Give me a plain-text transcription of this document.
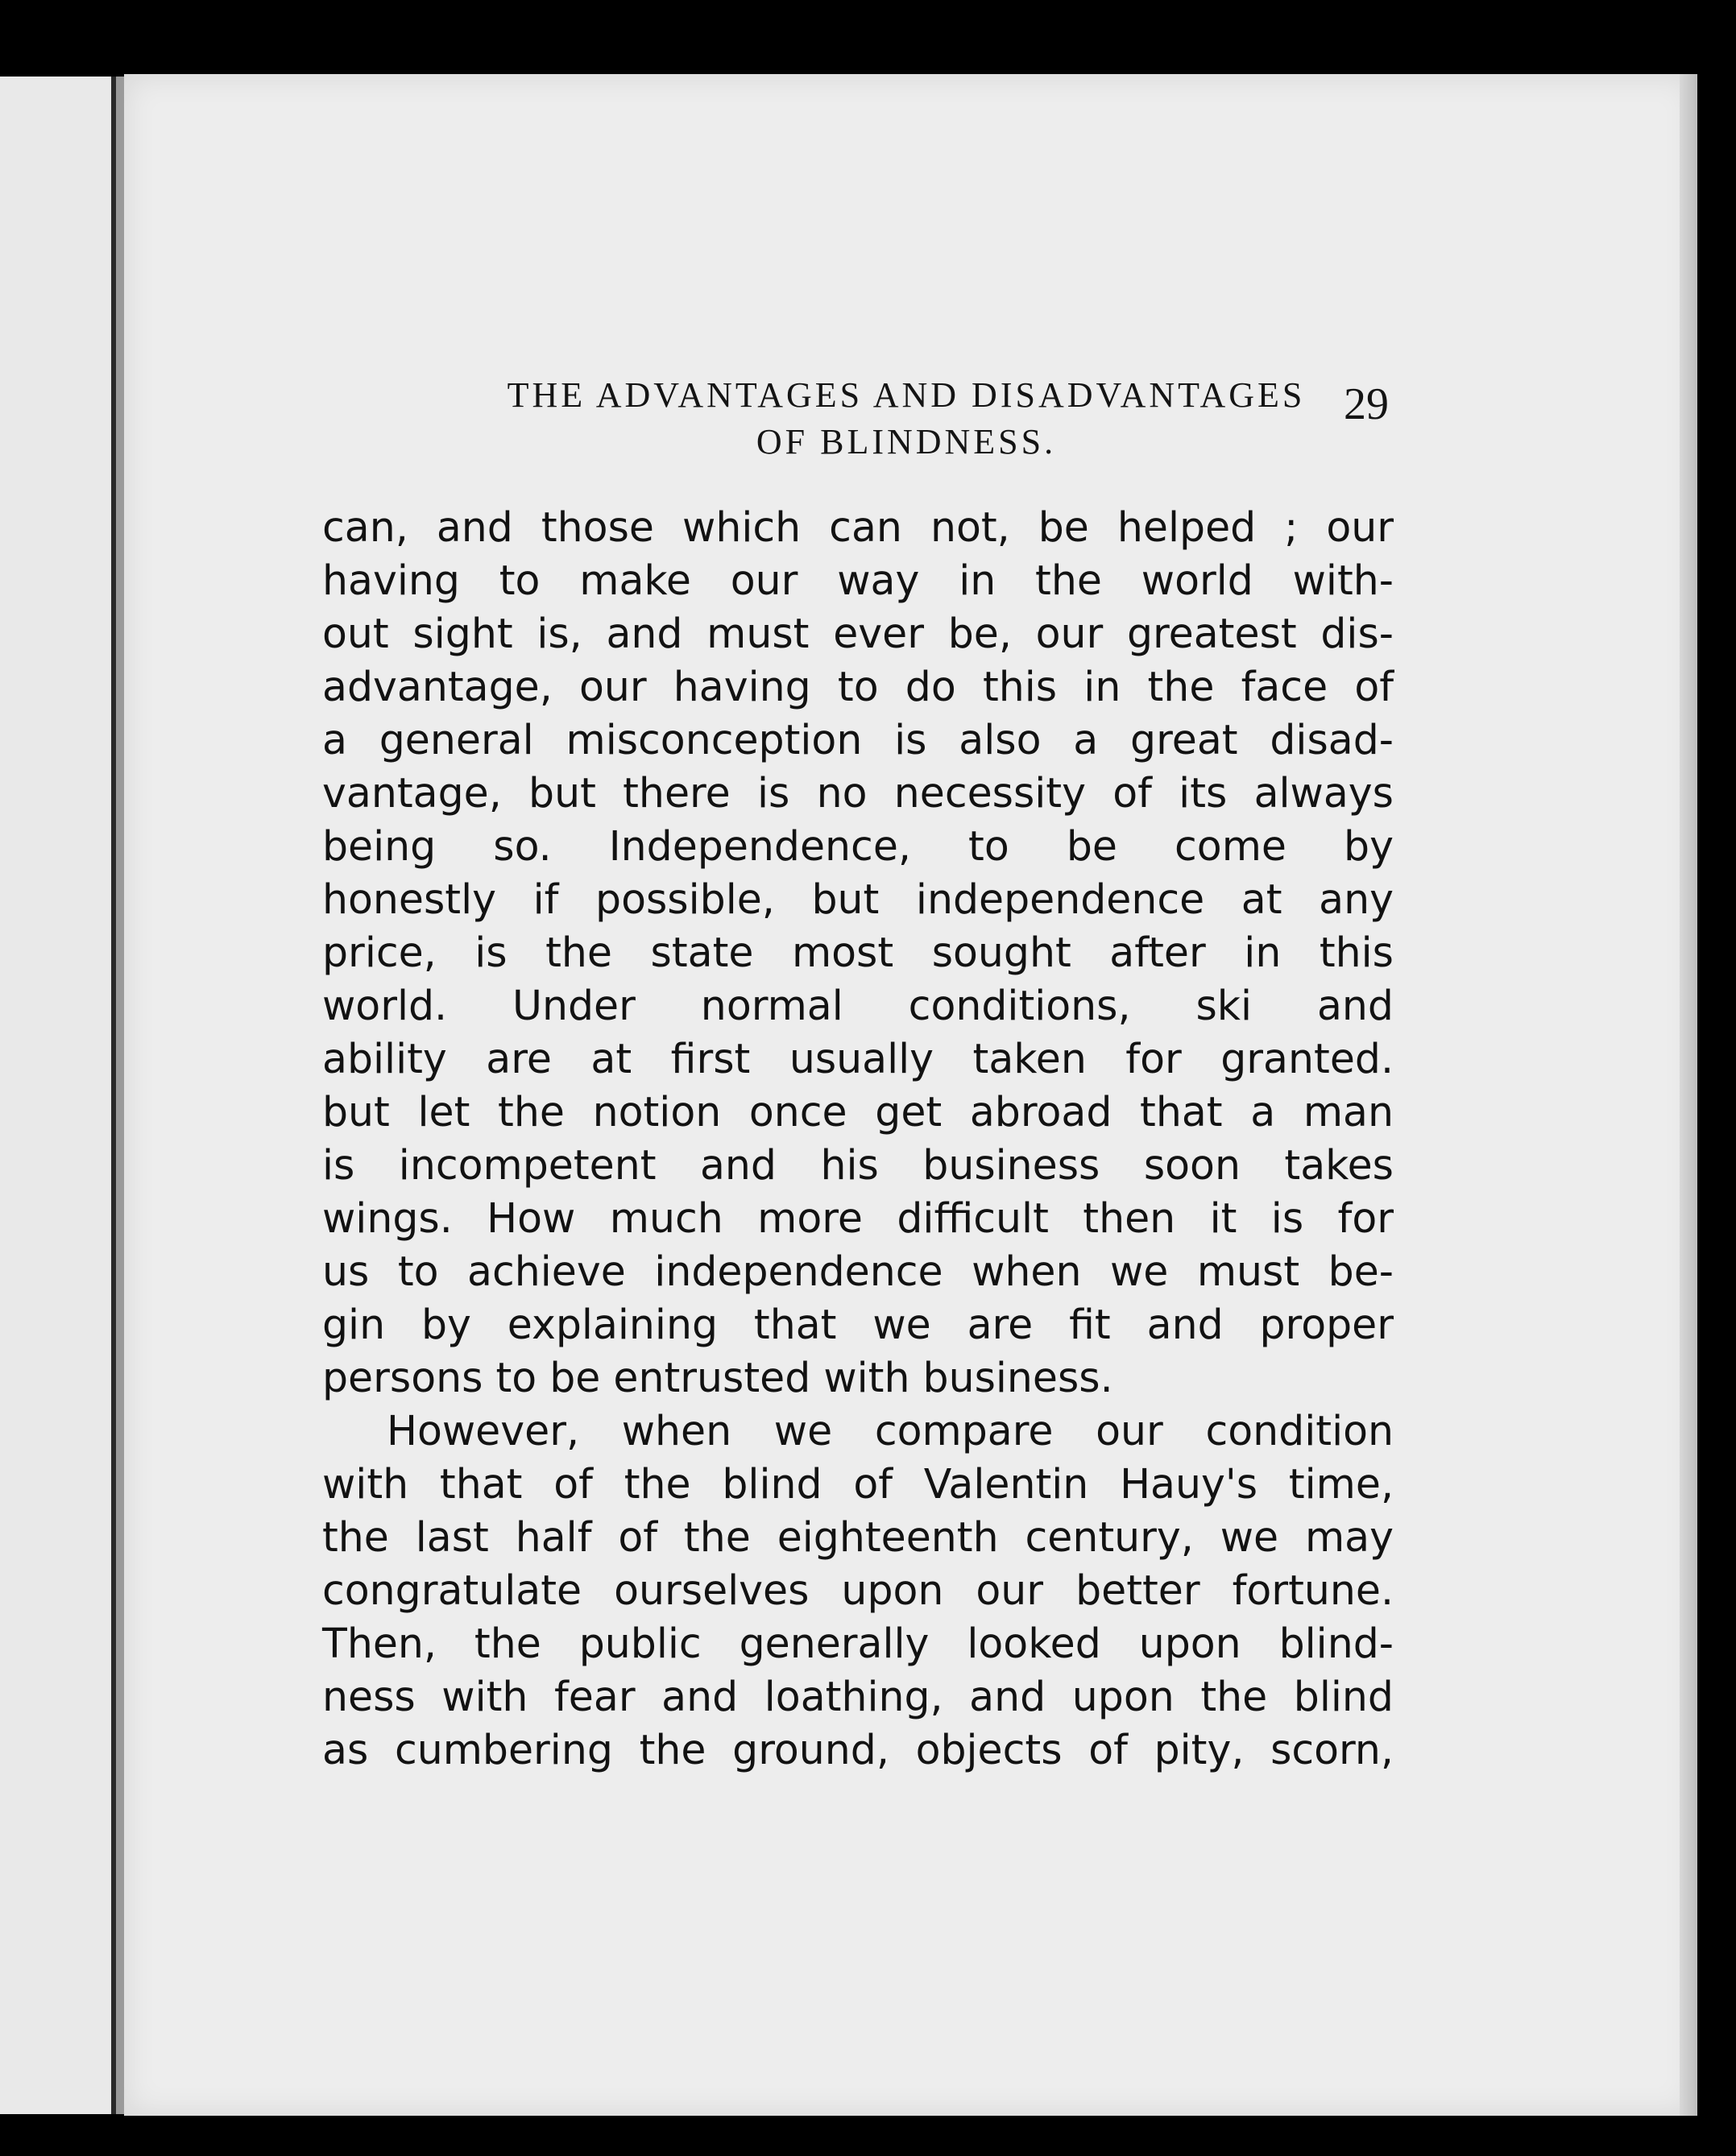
THE ADVANTAGES AND DISADVANTAGES
OF BLINDNESS.
29
can, and those which can not, be helped ; our
having to make our way in the world with-
out sight is, and must ever be, our greatest dis-
advantage, our having to do this in the face of
a general misconception is also a great disad-
vantage, but there is no necessity of its always
being so. Independence, to be come by
honestly if possible, but independence at any
price, is the state most sought after in this
world. Under normal conditions, ski and
ability are at first usually taken for granted.
but let the notion once get abroad that a man
is incompetent and his business soon takes
wings. How much more difficult then it is for
us to achieve independence when we must be-
gin by explaining that we are fit and proper
persons to be entrusted with business.
However, when we compare our condition
with that of the blind of Valentin Hauy's time,
the last half of the eighteenth century, we may
congratulate ourselves upon our better fortune.
Then, the public generally looked upon blind-
ness with fear and loathing, and upon the blind
as cumbering the ground, objects of pity, scorn,
